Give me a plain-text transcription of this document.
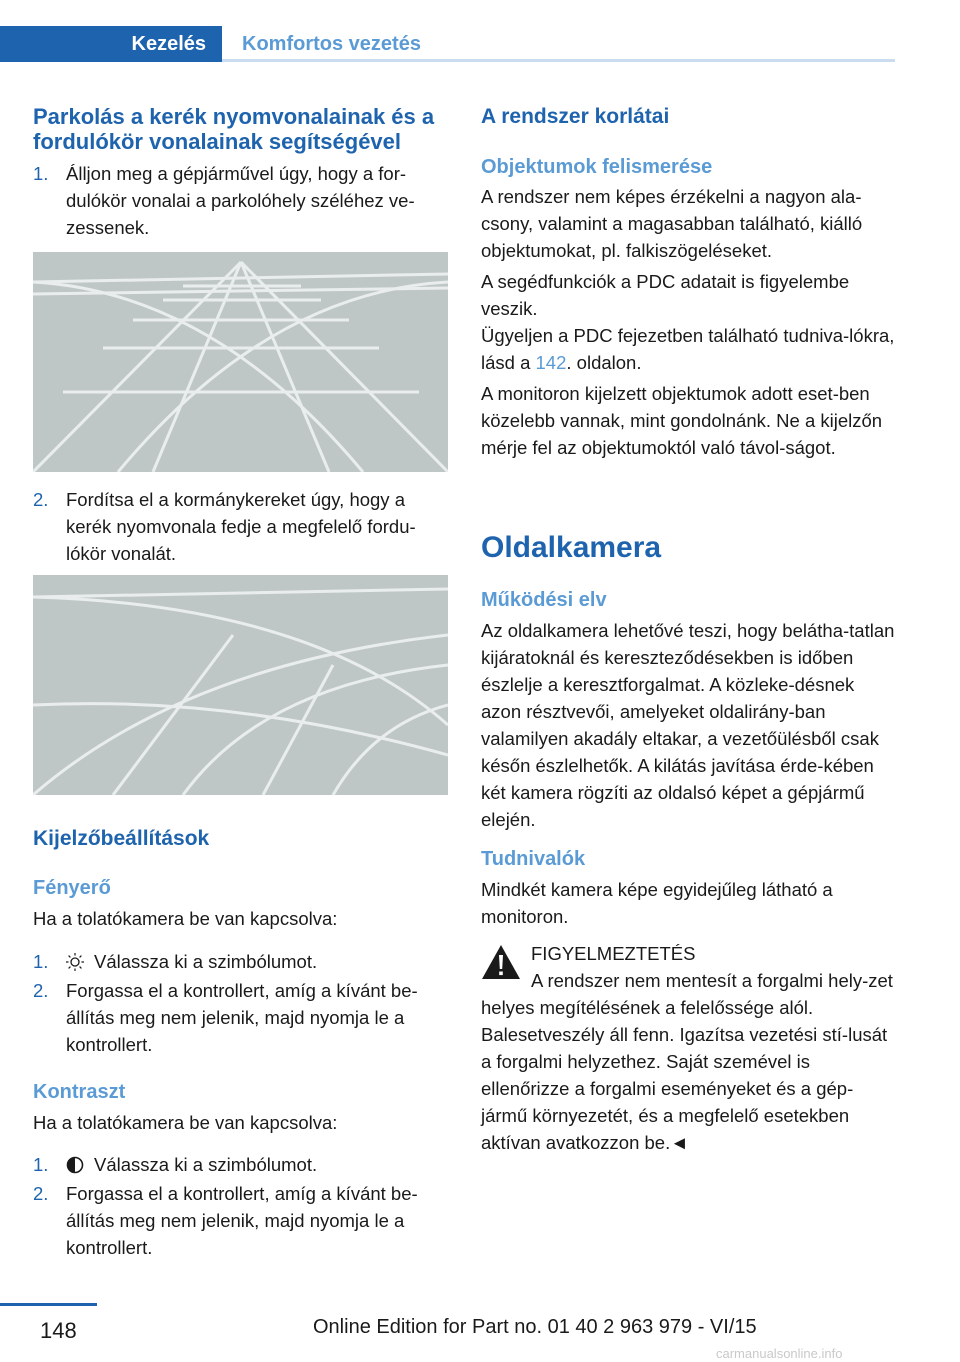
Kezelés	Komfortos vezetés
Parkolás a kerék nyomvonalainak és a fordulókör vonalainak segítségével
1. Álljon meg a gépjárművel úgy, hogy a for-dulókör vonalai a parkolóhely széléhez ve-zessenek.
2. Fordítsa el a kormánykereket úgy, hogy a kerék nyomvonala fedje a megfelelő fordu-lókör vonalát.
Kijelzőbeállítások
Fényerő
Ha a tolatókamera be van kapcsolva:
1.	Válassza ki a szimbólumot.
2. Forgassa el a kontrollert, amíg a kívánt be-állítás meg nem jelenik, majd nyomja le a kontrollert.
Kontraszt
Ha a tolatókamera be van kapcsolva:
1.	Válassza ki a szimbólumot.
2. Forgassa el a kontrollert, amíg a kívánt be-állítás meg nem jelenik, majd nyomja le a kontrollert.
A rendszer korlátai
Objektumok felismerése
A rendszer nem képes érzékelni a nagyon ala-csony, valamint a magasabban található, kiálló objektumokat, pl. falkiszögeléseket.
A segédfunkciók a PDC adatait is figyelembe veszik.
Ügyeljen a PDC fejezetben található tudniva-lókra, lásd a 142. oldalon.
A monitoron kijelzett objektumok adott eset-ben közelebb vannak, mint gondolnánk. Ne a kijelzőn mérje fel az objektumoktól való távol-ságot.
Oldalkamera
Működési elv
Az oldalkamera lehetővé teszi, hogy belátha-tatlan kijáratoknál és kereszteződésekben is időben észlelje a keresztforgalmat. A közleke-désnek azon résztvevői, amelyeket oldalirány-ban valamilyen akadály eltakar, a vezetőülésből csak későn észlelhetők. A kilátás javítása érde-kében két kamera rögzíti az oldalsó képet a gépjármű elején.
Tudnivalók
Mindkét kamera képe egyidejűleg látható a monitoron.
FIGYELMEZTETÉS
A rendszer nem mentesít a forgalmi hely-zet helyes megítélésének a felelőssége alól. Balesetveszély áll fenn. Igazítsa vezetési stí-lusát a forgalmi helyzethez. Saját szemével is ellenőrizze a forgalmi eseményeket és a gép-jármű környezetét, és a megfelelő esetekben aktívan avatkozzon be.◄
148	Online Edition for Part no. 01 40 2 963 979 - VI/15
carmanualsonline.info
